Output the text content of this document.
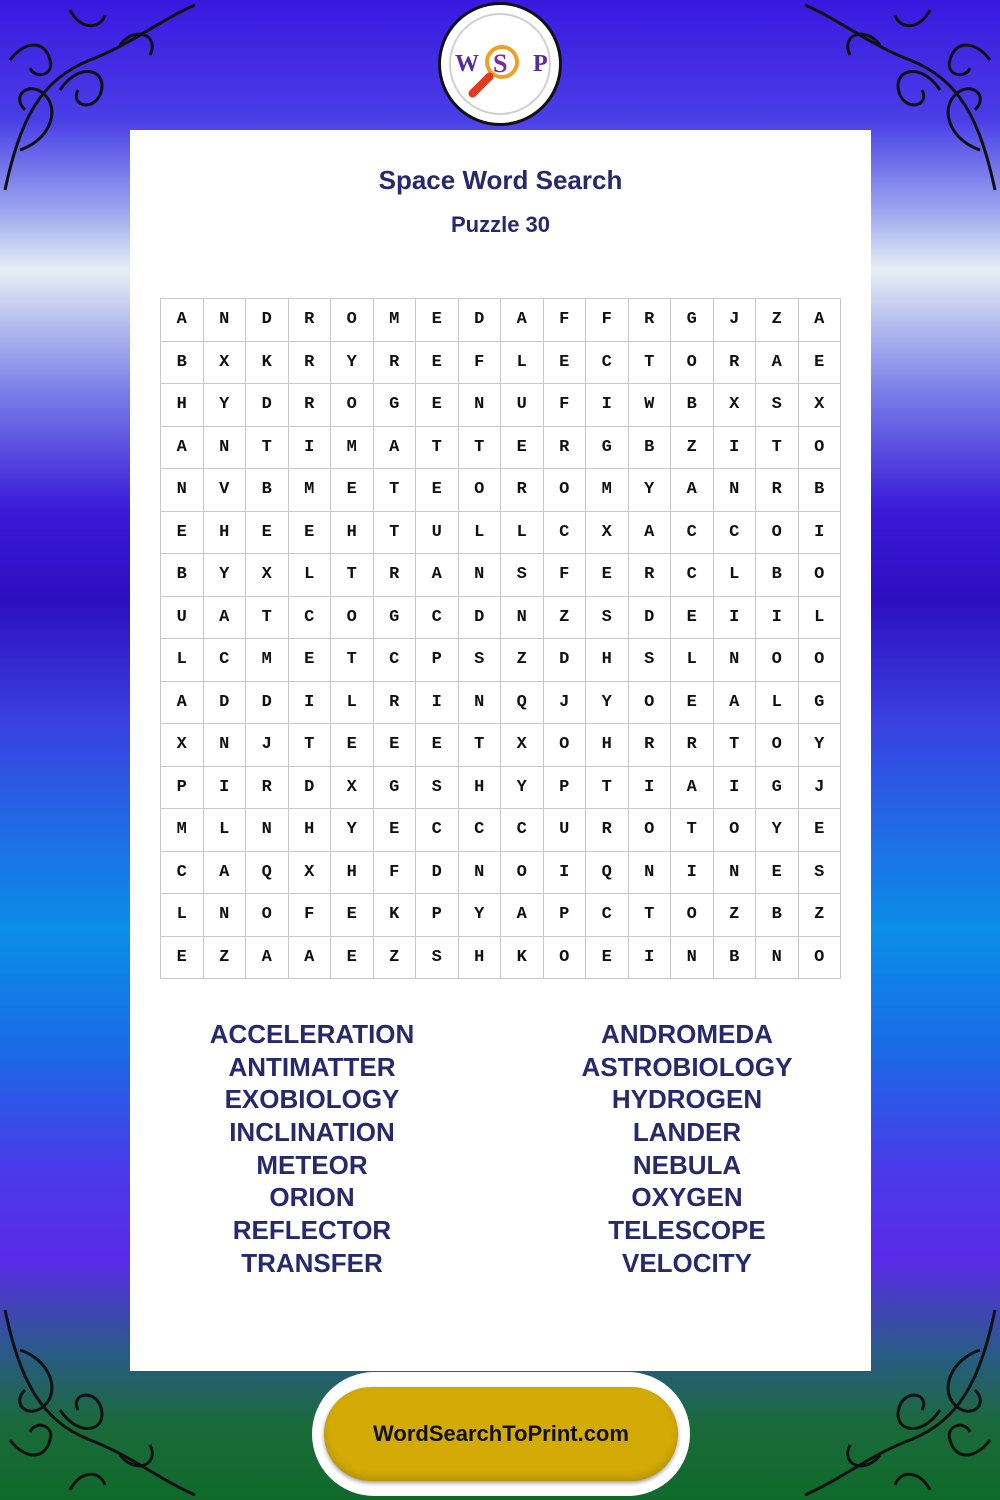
W S P
Space Word Search
Puzzle 30
A	N	D	R	O	M	E	D	A	F	F	R	G	J	Z	A
B	X	K	R	Y	R	E	F	L	E	C	T	O	R	A	E
H	Y	D	R	O	G	E	N	U	F	I	W	B	X	S	X
A	N	T	I	M	A	T	T	E	R	G	B	Z	I	T	O
N	V	B	M	E	T	E	O	R	O	M	Y	A	N	R	B
E	H	E	E	H	T	U	L	L	C	X	A	C	C	O	I
B	Y	X	L	T	R	A	N	S	F	E	R	C	L	B	O
U	A	T	C	O	G	C	D	N	Z	S	D	E	I	I	L
L	C	M	E	T	C	P	S	Z	D	H	S	L	N	O	O
A	D	D	I	L	R	I	N	Q	J	Y	O	E	A	L	G
X	N	J	T	E	E	E	T	X	O	H	R	R	T	O	Y
P	I	R	D	X	G	S	H	Y	P	T	I	A	I	G	J
M	L	N	H	Y	E	C	C	C	U	R	O	T	O	Y	E
C	A	Q	X	H	F	D	N	O	I	Q	N	I	N	E	S
L	N	O	F	E	K	P	Y	A	P	C	T	O	Z	B	Z
E	Z	A	A	E	Z	S	H	K	O	E	I	N	B	N	O
ACCELERATION
ANTIMATTER
EXOBIOLOGY
INCLINATION
METEOR
ORION
REFLECTOR
TRANSFER
ANDROMEDA
ASTROBIOLOGY
HYDROGEN
LANDER
NEBULA
OXYGEN
TELESCOPE
VELOCITY
WordSearchToPrint.com
